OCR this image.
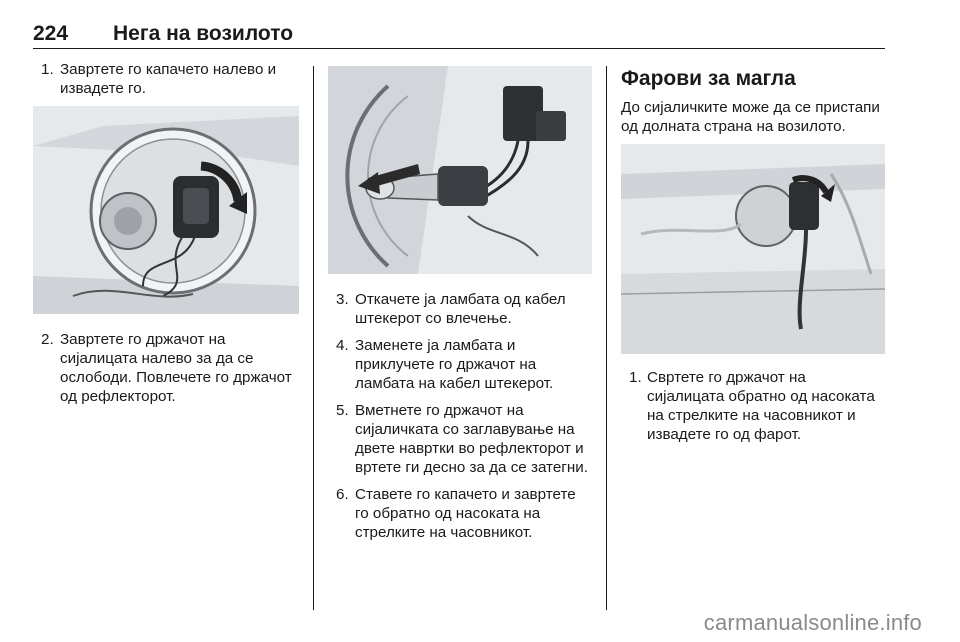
224 Нега на возилото
1. Завртете го капачето налево и извадете го.
2. Завртете го држачот на сијалицата налево за да се ослободи. Повлечете го држачот од рефлекторот.
3. Откачете ја ламбата од кабел штекерот со влечење.
4. Заменете ја ламбата и приклучете го држачот на ламбата на кабел штекерот.
5. Вметнете го држачот на сијаличката со заглавување на двете навртки во рефлекторот и вртете ги десно за да се затегни.
6. Ставете го капачето и завртете го обратно од насоката на стрелките на часовникот.
Фарови за магла

До сијаличките може да се пристапи од долната страна на возилото.

1. Свртете го држачот на сијалицата обратно од насоката на стрелките на часовникот и извадете го од фарот.
carmanualsonline.info
